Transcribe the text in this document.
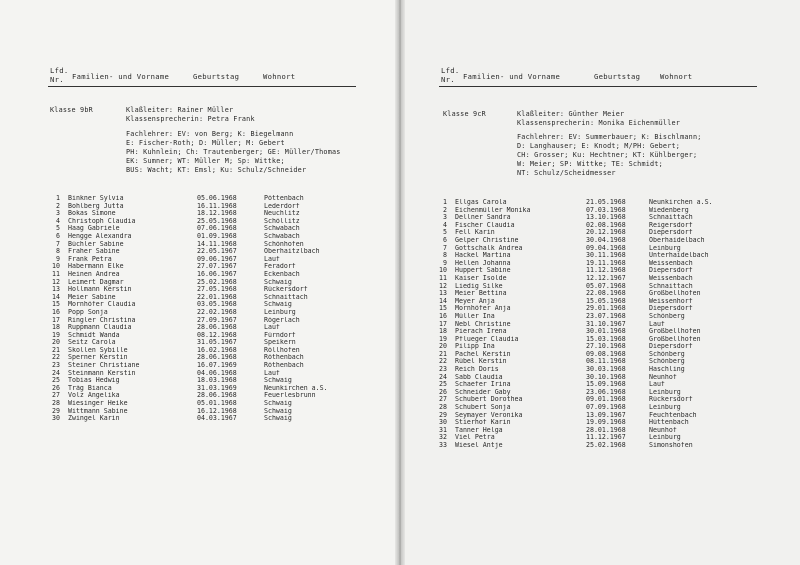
Lfd.
Nr.	Familien- und Vorname	Geburtstag	Wohnort
Klasse 9bR	Klaßleiter: Rainer Müller
Klassensprecherin: Petra Frank
Fachlehrer: EV: von Berg; K: Biegelmann
E: Fischer-Roth; D: Müller; M: Gebert
PH: Kuhnlein; Ch: Trautenberger; GE: Müller/Thomas
EK: Sumner; WT: Müller M; Sp: Wittke;
BUS: Wacht; KT: Emsl; Ku: Schulz/Schneider
1	Binkner Sylvia	05.06.1968	Pöttenbach
2	Bohlberg Jutta	16.11.1968	Lederdorf
3	Bokas Simone	18.12.1968	Neuchlitz
4	Christoph Claudia	25.05.1968	Schöllitz
5	Haag Gabriele	07.06.1968	Schwabach
6	Hengge Alexandra	01.09.1968	Schwabach
7	Büchler Sabine	14.11.1968	Schönhofen
8	Fraher Sabine	22.05.1967	Oberhaitzlbach
9	Frank Petra	09.06.1967	Lauf
10	Habermann Elke	27.07.1967	Feradorf
11	Heinen Andrea	16.06.1967	Eckenbach
12	Leimert Dagmar	25.02.1968	Schwaig
13	Hollmann Kerstin	27.05.1968	Rückersdorf
14	Meier Sabine	22.01.1968	Schnaittach
15	Mornhöfer Claudia	03.05.1968	Schwaig
16	Popp Sonja	22.02.1968	Leinburg
17	Ringler Christina	27.09.1967	Rögerlach
18	Ruppmann Claudia	28.06.1968	Lauf
19	Schmidt Wanda	08.12.1968	Fürndorf
20	Seitz Carola	31.05.1967	Speikern
21	Skollen Sybille	16.02.1968	Röllhofen
22	Sperner Kerstin	28.06.1968	Röthenbach
23	Steiner Christiane	16.07.1969	Röthenbach
24	Steinmann Kerstin	04.06.1968	Lauf
25	Tobias Hedwig	18.03.1968	Schwaig
26	Träg Bianca	31.03.1969	Neunkirchen a.S.
27	Volz Angelika	28.06.1968	Feuerlesbrunn
28	Wiesinger Heike	05.01.1968	Schwaig
29	Wittmann Sabine	16.12.1968	Schwaig
30	Zwingel Karin	04.03.1967	Schwaig
Lfd.
Nr.	Familien- und Vorname	Geburtstag	Wohnort
Klasse 9cR	Klaßleiter: Günther Meier
Klassensprecherin: Monika Eichenmüller
Fachlehrer: EV: Summerbauer; K: Bischlmann;
D: Langhauser; E: Knodt; M/PH: Gebert;
CH: Grosser; Ku: Hechtner; KT: Kühlberger;
W: Meier; SP: Wittke; TE: Schmidt;
NT: Schulz/Scheidmesser
1	Ellgas Carola	21.05.1968	Neunkirchen a.S.
2	Eichenmüller Monika	07.03.1968	Wiedenberg
3	Dellner Sandra	13.10.1968	Schnaittach
4	Fischer Claudia	02.08.1968	Reigersdorf
5	Fell Karin	20.12.1968	Diepersdorf
6	Gelper Christine	30.04.1968	Oberhaidelbach
7	Gottschalk Andrea	09.04.1968	Leinburg
8	Hackel Martina	30.11.1968	Unterhaidelbach
9	Hellen Johanna	19.11.1968	Weissenbach
10	Huppert Sabine	11.12.1968	Diepersdorf
11	Kaiser Isolde	12.12.1967	Weissenbach
12	Liedig Silke	05.07.1968	Schnaittach
13	Meier Bettina	22.08.1968	Großbellhofen
14	Meyer Anja	15.05.1968	Weissenhorf
15	Mornhöfer Anja	29.01.1968	Diepersdorf
16	Müller Ina	23.07.1968	Schönberg
17	Nebl Christine	31.10.1967	Lauf
18	Pierach Irena	30.01.1968	Großbellhofen
19	Pflueger Claudia	15.03.1968	Großbellhofen
20	Pilipp Ina	27.10.1968	Diepersdorf
21	Pachel Kerstin	09.08.1968	Schönberg
22	Rübel Kerstin	08.11.1968	Schönberg
23	Reich Doris	30.03.1968	Haschling
24	Sabb Claudia	30.10.1968	Neunhof
25	Schaefer Irina	15.09.1968	Lauf
26	Schneider Gaby	23.06.1968	Leinburg
27	Schubert Dorothea	09.01.1968	Rückersdorf
28	Schubert Sonja	07.09.1968	Leinburg
29	Seymayer Veronika	13.09.1967	Feuchtenbach
30	Stierhof Karin	19.09.1968	Hüttenbach
31	Tanner Helga	28.01.1968	Neunhof
32	Viel Petra	11.12.1967	Leinburg
33	Wiesel Antje	25.02.1968	Simonshofen
